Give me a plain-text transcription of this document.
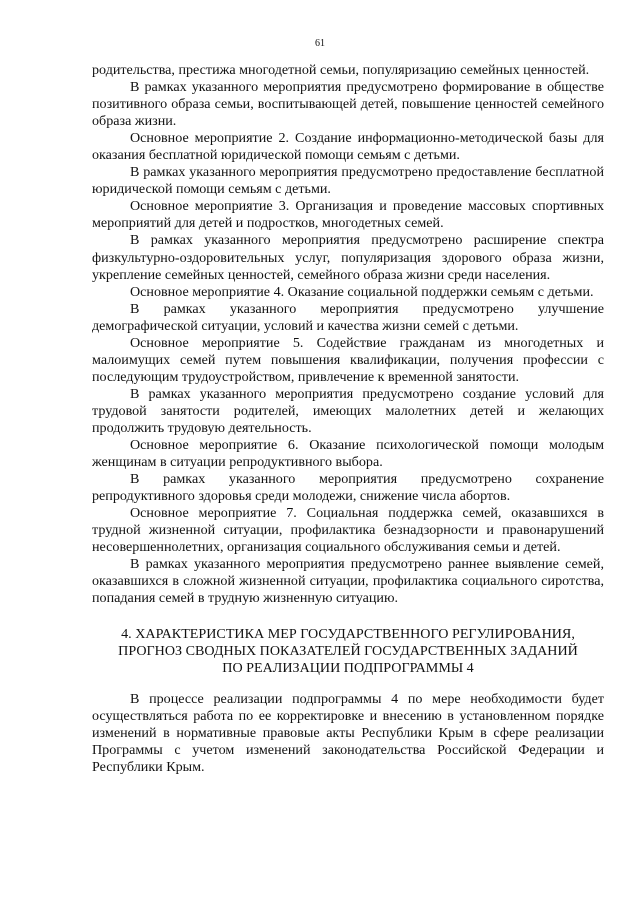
61

родительства, престижа многодетной семьи, популяризацию семейных ценностей.

В рамках указанного мероприятия предусмотрено формирование в обществе позитивного образа семьи, воспитывающей детей, повышение ценностей семейного образа жизни.

Основное мероприятие 2. Создание информационно-методической базы для оказания бесплатной юридической помощи семьям с детьми.

В рамках указанного мероприятия предусмотрено предоставление бесплатной юридической помощи семьям с детьми.

Основное мероприятие 3. Организация и проведение массовых спортивных мероприятий для детей и подростков, многодетных семей.

В рамках указанного мероприятия предусмотрено расширение спектра физкультурно-оздоровительных услуг, популяризация здорового образа жизни, укрепление семейных ценностей, семейного образа жизни среди населения.

Основное мероприятие 4. Оказание социальной поддержки семьям с детьми.

В рамках указанного мероприятия предусмотрено улучшение демографической ситуации, условий и качества жизни семей с детьми.

Основное мероприятие 5. Содействие гражданам из многодетных и малоимущих семей путем повышения квалификации, получения профессии с последующим трудоустройством, привлечение к временной занятости.

В рамках указанного мероприятия предусмотрено создание условий для трудовой занятости родителей, имеющих малолетних детей и желающих продолжить трудовую деятельность.

Основное мероприятие 6. Оказание психологической помощи молодым женщинам в ситуации репродуктивного выбора.

В рамках указанного мероприятия предусмотрено сохранение репродуктивного здоровья среди молодежи, снижение числа абортов.

Основное мероприятие 7. Социальная поддержка семей, оказавшихся в трудной жизненной ситуации, профилактика безнадзорности и правонарушений несовершеннолетних, организация социального обслуживания семьи и детей.

В рамках указанного мероприятия предусмотрено раннее выявление семей, оказавшихся в сложной жизненной ситуации, профилактика социального сиротства, попадания семей в трудную жизненную ситуацию.

4. ХАРАКТЕРИСТИКА МЕР ГОСУДАРСТВЕННОГО РЕГУЛИРОВАНИЯ,
ПРОГНОЗ СВОДНЫХ ПОКАЗАТЕЛЕЙ ГОСУДАРСТВЕННЫХ ЗАДАНИЙ
ПО РЕАЛИЗАЦИИ ПОДПРОГРАММЫ 4

В процессе реализации подпрограммы 4 по мере необходимости будет осуществляться работа по ее корректировке и внесению в установленном порядке изменений в нормативные правовые акты Республики Крым в сфере реализации Программы с учетом изменений законодательства Российской Федерации и Республики Крым.
